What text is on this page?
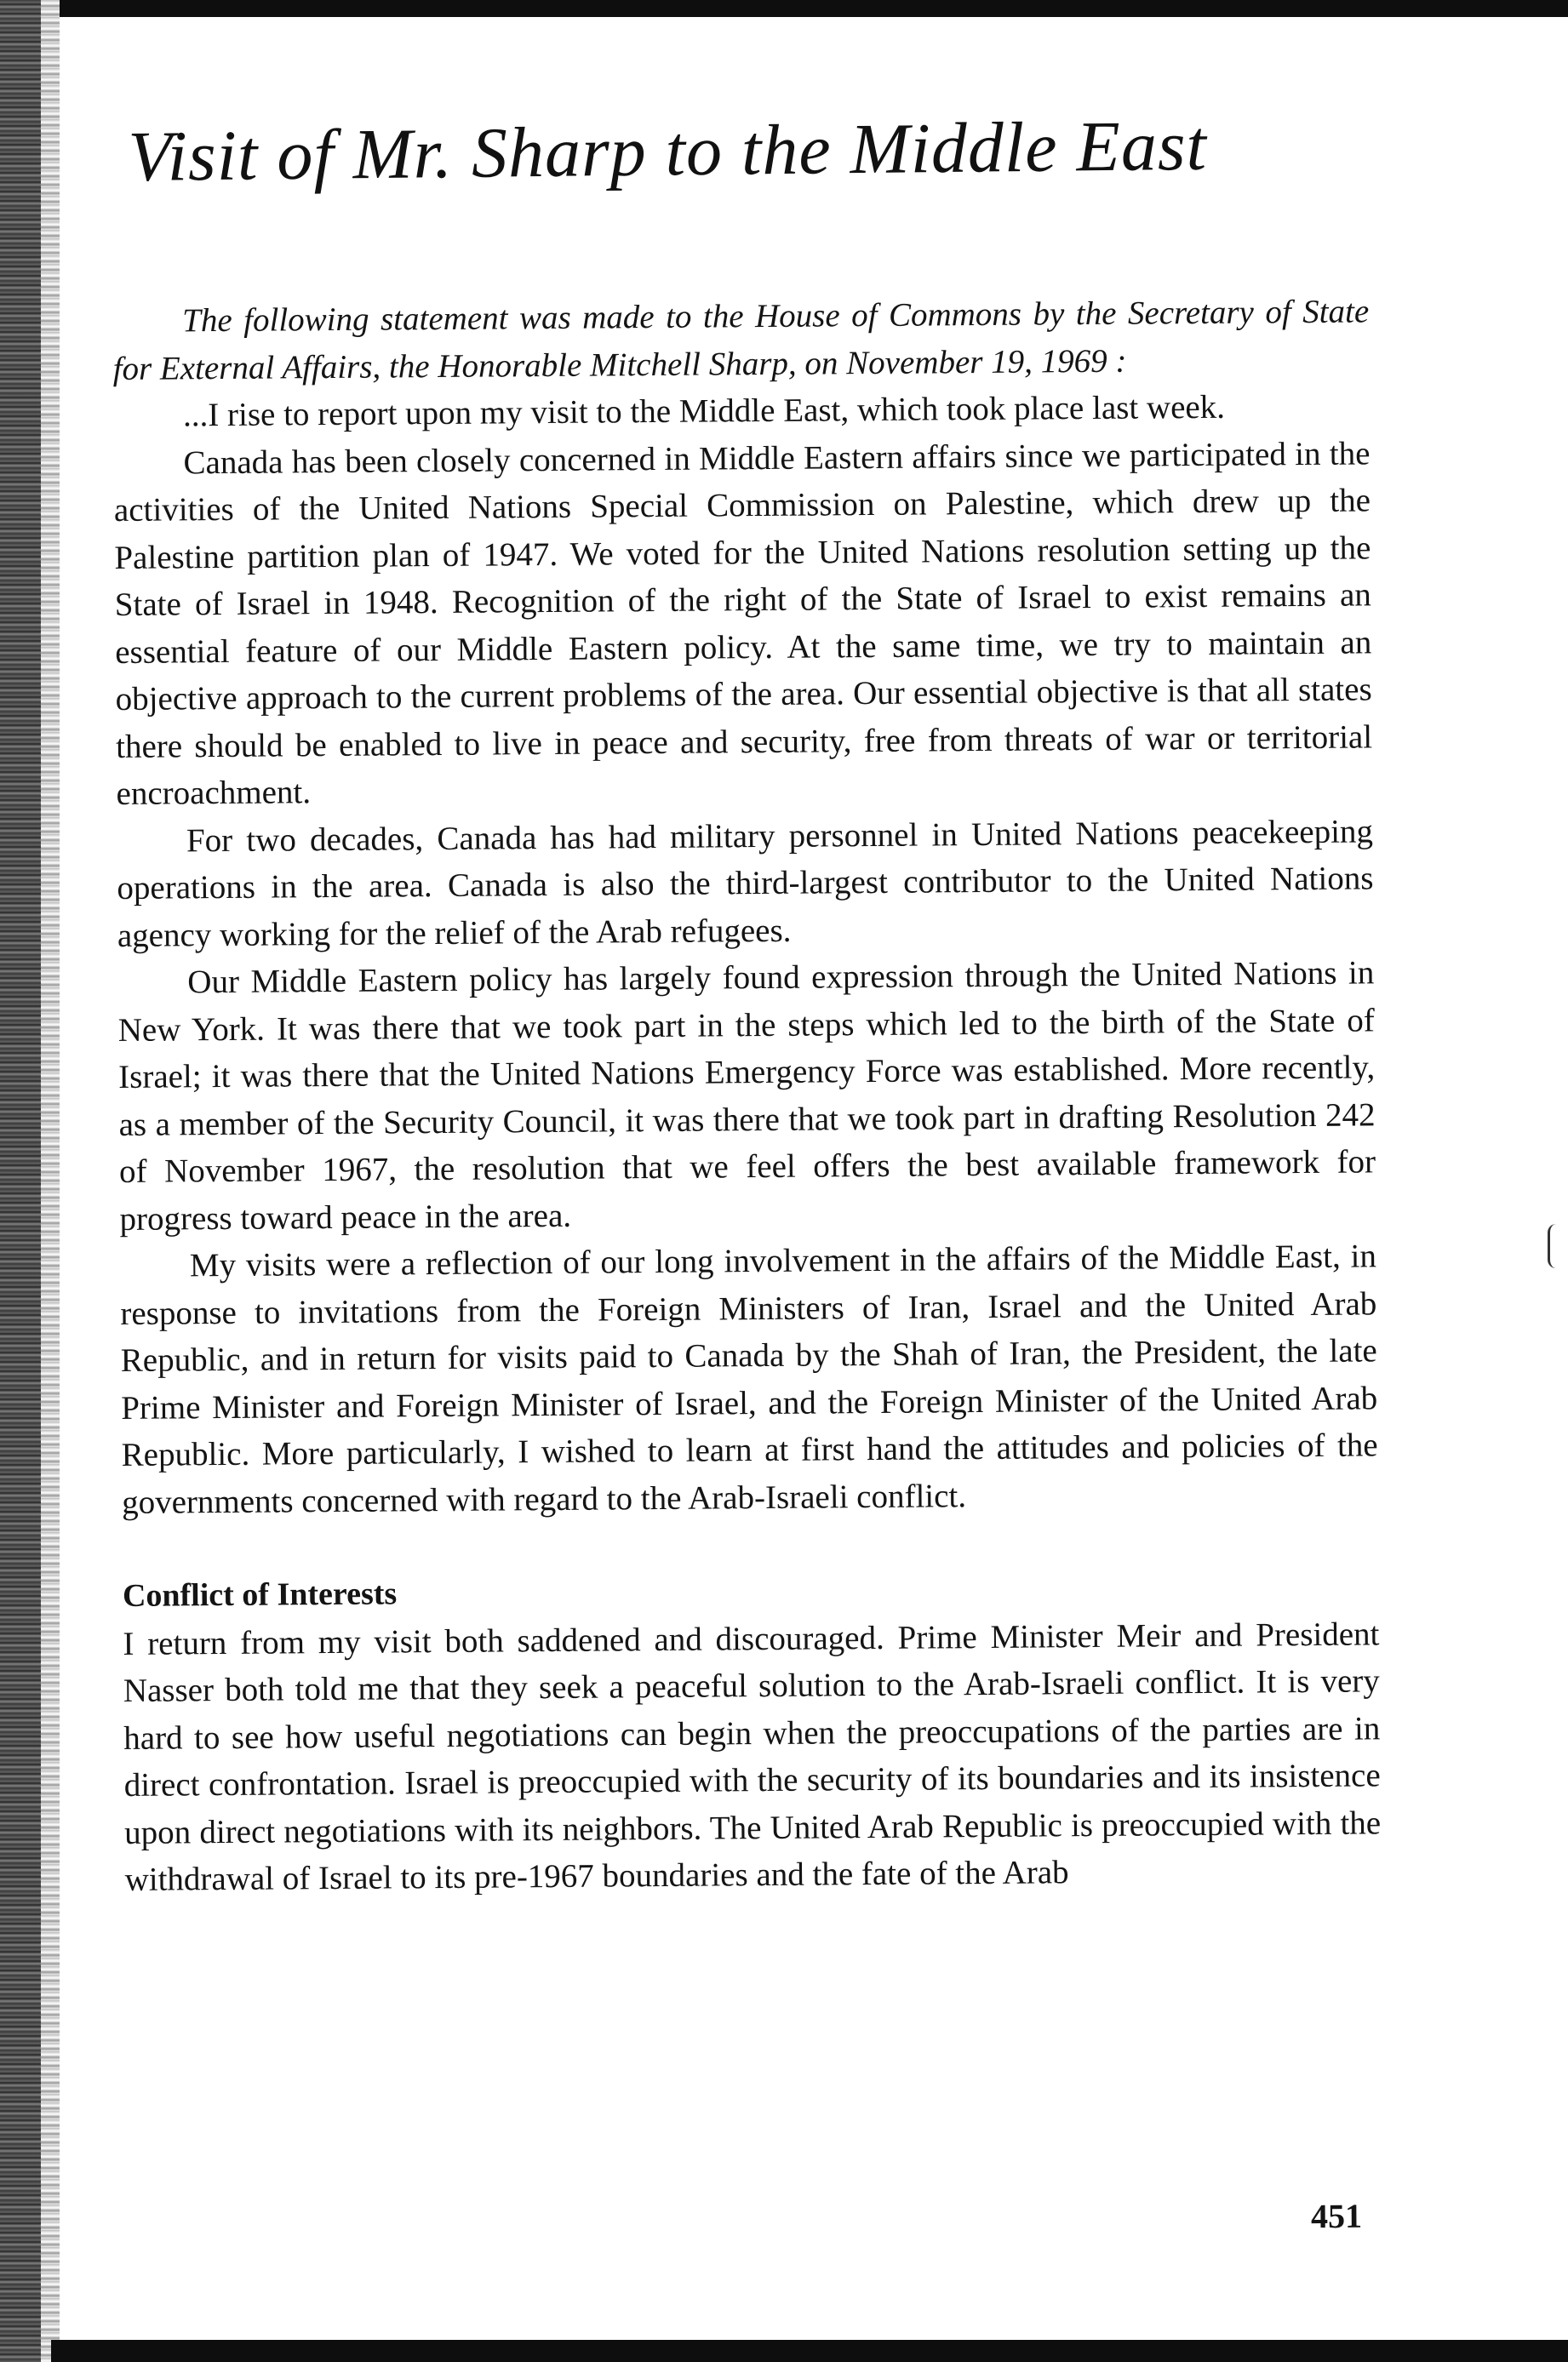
Visit of Mr. Sharp to the Middle East

The following statement was made to the House of Commons by the Secretary of State for External Affairs, the Honorable Mitchell Sharp, on November 19, 1969 :

...I rise to report upon my visit to the Middle East, which took place last week.

Canada has been closely concerned in Middle Eastern affairs since we participated in the activities of the United Nations Special Commission on Palestine, which drew up the Palestine partition plan of 1947. We voted for the United Nations resolution setting up the State of Israel in 1948. Recognition of the right of the State of Israel to exist remains an essential feature of our Middle Eastern policy. At the same time, we try to maintain an objective approach to the current problems of the area. Our essential objective is that all states there should be enabled to live in peace and security, free from threats of war or territorial encroachment.

For two decades, Canada has had military personnel in United Nations peacekeeping operations in the area. Canada is also the third-largest contributor to the United Nations agency working for the relief of the Arab refugees.

Our Middle Eastern policy has largely found expression through the United Nations in New York. It was there that we took part in the steps which led to the birth of the State of Israel; it was there that the United Nations Emergency Force was established. More recently, as a member of the Security Council, it was there that we took part in drafting Resolution 242 of November 1967, the resolution that we feel offers the best available framework for progress toward peace in the area.

My visits were a reflection of our long involvement in the affairs of the Middle East, in response to invitations from the Foreign Ministers of Iran, Israel and the United Arab Republic, and in return for visits paid to Canada by the Shah of Iran, the President, the late Prime Minister and Foreign Minister of Israel, and the Foreign Minister of the United Arab Republic. More particularly, I wished to learn at first hand the attitudes and policies of the governments concerned with regard to the Arab-Israeli conflict.

Conflict of Interests

I return from my visit both saddened and discouraged. Prime Minister Meir and President Nasser both told me that they seek a peaceful solution to the Arab-Israeli conflict. It is very hard to see how useful negotiations can begin when the preoccupations of the parties are in direct confrontation. Israel is preoccupied with the security of its boundaries and its insistence upon direct negotiations with its neighbors. The United Arab Republic is preoccupied with the withdrawal of Israel to its pre-1967 boundaries and the fate of the Arab

451
